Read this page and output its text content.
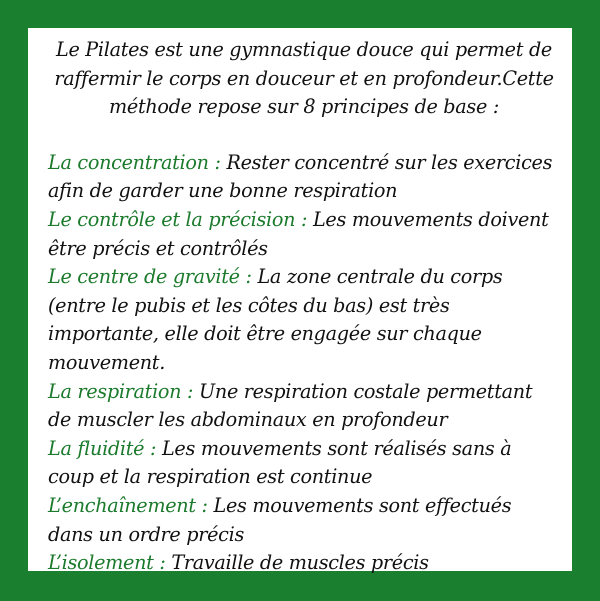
Le Pilates est une gymnastique douce qui permet de raffermir le corps en douceur et en profondeur.Cette méthode repose sur 8 principes de base :

La concentration : Rester concentré sur les exercices afin de garder une bonne respiration

Le contrôle et la précision : Les mouvements doivent être précis et contrôlés

Le centre de gravité : La zone centrale du corps (entre le pubis et les côtes du bas) est très importante, elle doit être engagée sur chaque mouvement.

La respiration : Une respiration costale permettant de muscler les abdominaux en profondeur

La fluidité : Les mouvements sont réalisés sans à coup et la respiration est continue

L’enchaînement : Les mouvements sont effectués dans un ordre précis

L’isolement : Travaille de muscles précis
